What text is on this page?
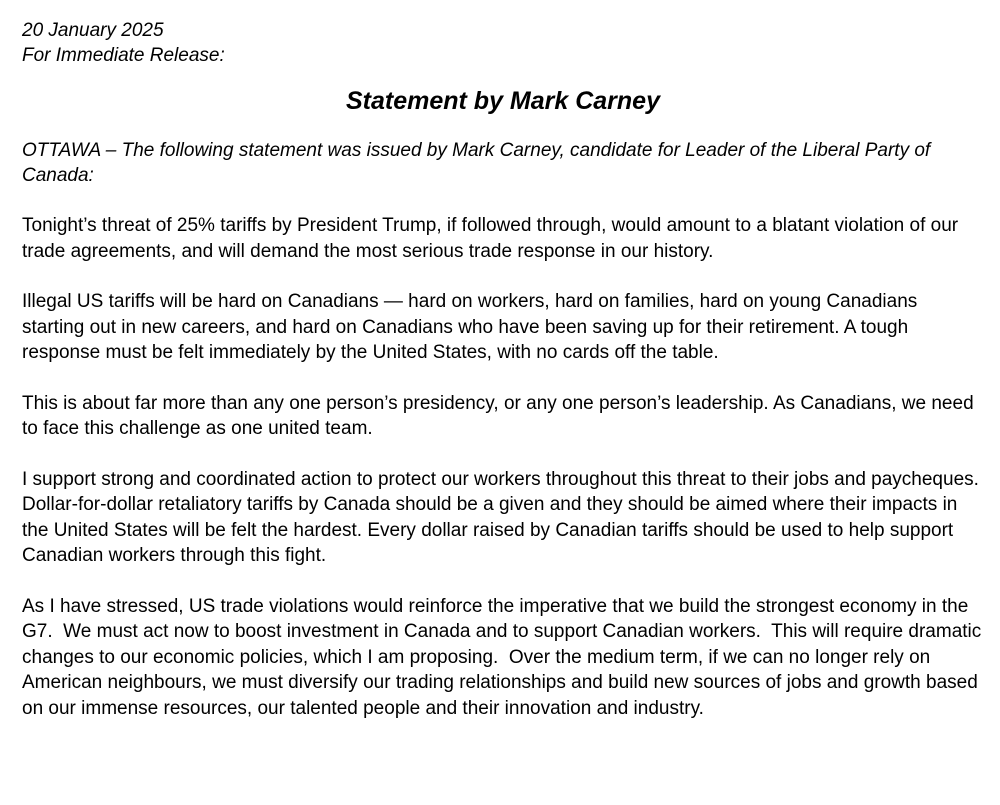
20 January 2025
For Immediate Release:
Statement by Mark Carney

OTTAWA – The following statement was issued by Mark Carney, candidate for Leader of the Liberal Party of Canada:

Tonight’s threat of 25% tariffs by President Trump, if followed through, would amount to a blatant violation of our trade agreements, and will demand the most serious trade response in our history.

Illegal US tariffs will be hard on Canadians — hard on workers, hard on families, hard on young Canadians starting out in new careers, and hard on Canadians who have been saving up for their retirement. A tough response must be felt immediately by the United States, with no cards off the table.

This is about far more than any one person’s presidency, or any one person’s leadership. As Canadians, we need to face this challenge as one united team.

I support strong and coordinated action to protect our workers throughout this threat to their jobs and paycheques. Dollar-for-dollar retaliatory tariffs by Canada should be a given and they should be aimed where their impacts in the United States will be felt the hardest. Every dollar raised by Canadian tariffs should be used to help support Canadian workers through this fight.

As I have stressed, US trade violations would reinforce the imperative that we build the strongest economy in the G7.  We must act now to boost investment in Canada and to support Canadian workers.  This will require dramatic changes to our economic policies, which I am proposing.  Over the medium term, if we can no longer rely on American neighbours, we must diversify our trading relationships and build new sources of jobs and growth based on our immense resources, our talented people and their innovation and industry.
